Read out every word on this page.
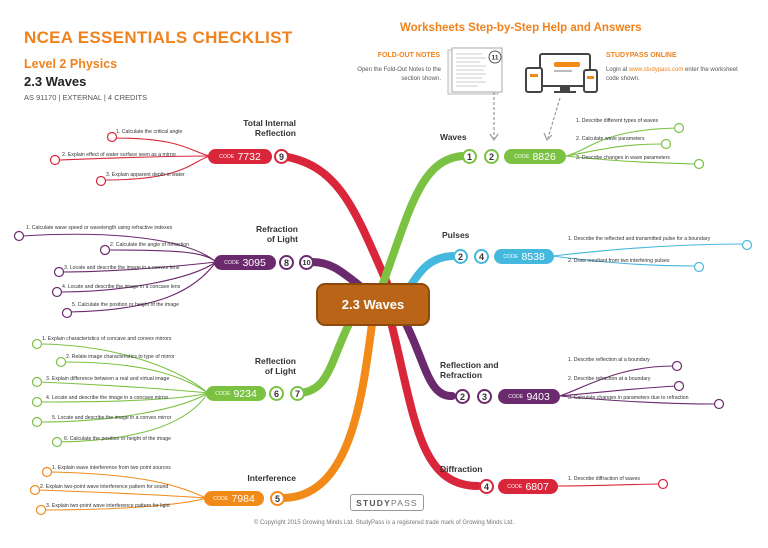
NCEA ESSENTIALS CHECKLIST
Level 2 Physics
2.3 Waves
AS 91170 | EXTERNAL | 4 CREDITS
Worksheets Step-by-Step Help and Answers
FOLD-OUT NOTES
Open the Fold-Out Notes to the section shown.
STUDYPASS ONLINE
Login at www.studypass.com enter the worksheet code shown.
11
2.3 Waves
Total Internal
Reflection
CODE 7732	9
1. Calculate the critical angle
2. Explain effect of water surface seen as a mirror
3. Explain apparent depth in water
Refraction
of Light
CODE 3095	8	10
1. Calculate wave speed or wavelength using refractive indexes
2. Calculate the angle of refraction
3. Locate and describe the image in a convex lens
4. Locate and describe the image in a concave lens
5. Calculate the position or height of the image
Reflection
of Light
CODE 9234	6	7
1. Explain characteristics of concave and convex mirrors
2. Relate image characteristics to type of mirror
3. Explain difference between a real and virtual image
4. Locate and describe the image in a concave mirror
5. Locate and describe the image in a convex mirror
6. Calculate the position or height of the image
Interference
CODE 7984	5
1. Explain wave interference from two point sources
2. Explain two-point wave interference pattern for sound
3. Explain two-point wave interference pattern for light
Waves
1	2	CODE 8826
1. Describe different types of waves
2. Calculate wave parameters
3. Describe changes in wave parameters
Pulses
2	4	CODE 8538
1. Describe the reflected and transmitted pulse for a boundary
2. Draw resultant from two interfering pulses
Reflection and
Refraction
2	3	CODE 9403
1. Describe reflection at a boundary
2. Describe refraction at a boundary
3. Calculate changes in parameters due to refraction
Diffraction
4	CODE 6807
1. Describe diffraction of waves
STUDY PASS
© Copyright 2015 Growing Minds Ltd. StudyPass is a registered trade mark of Growing Minds Ltd.
